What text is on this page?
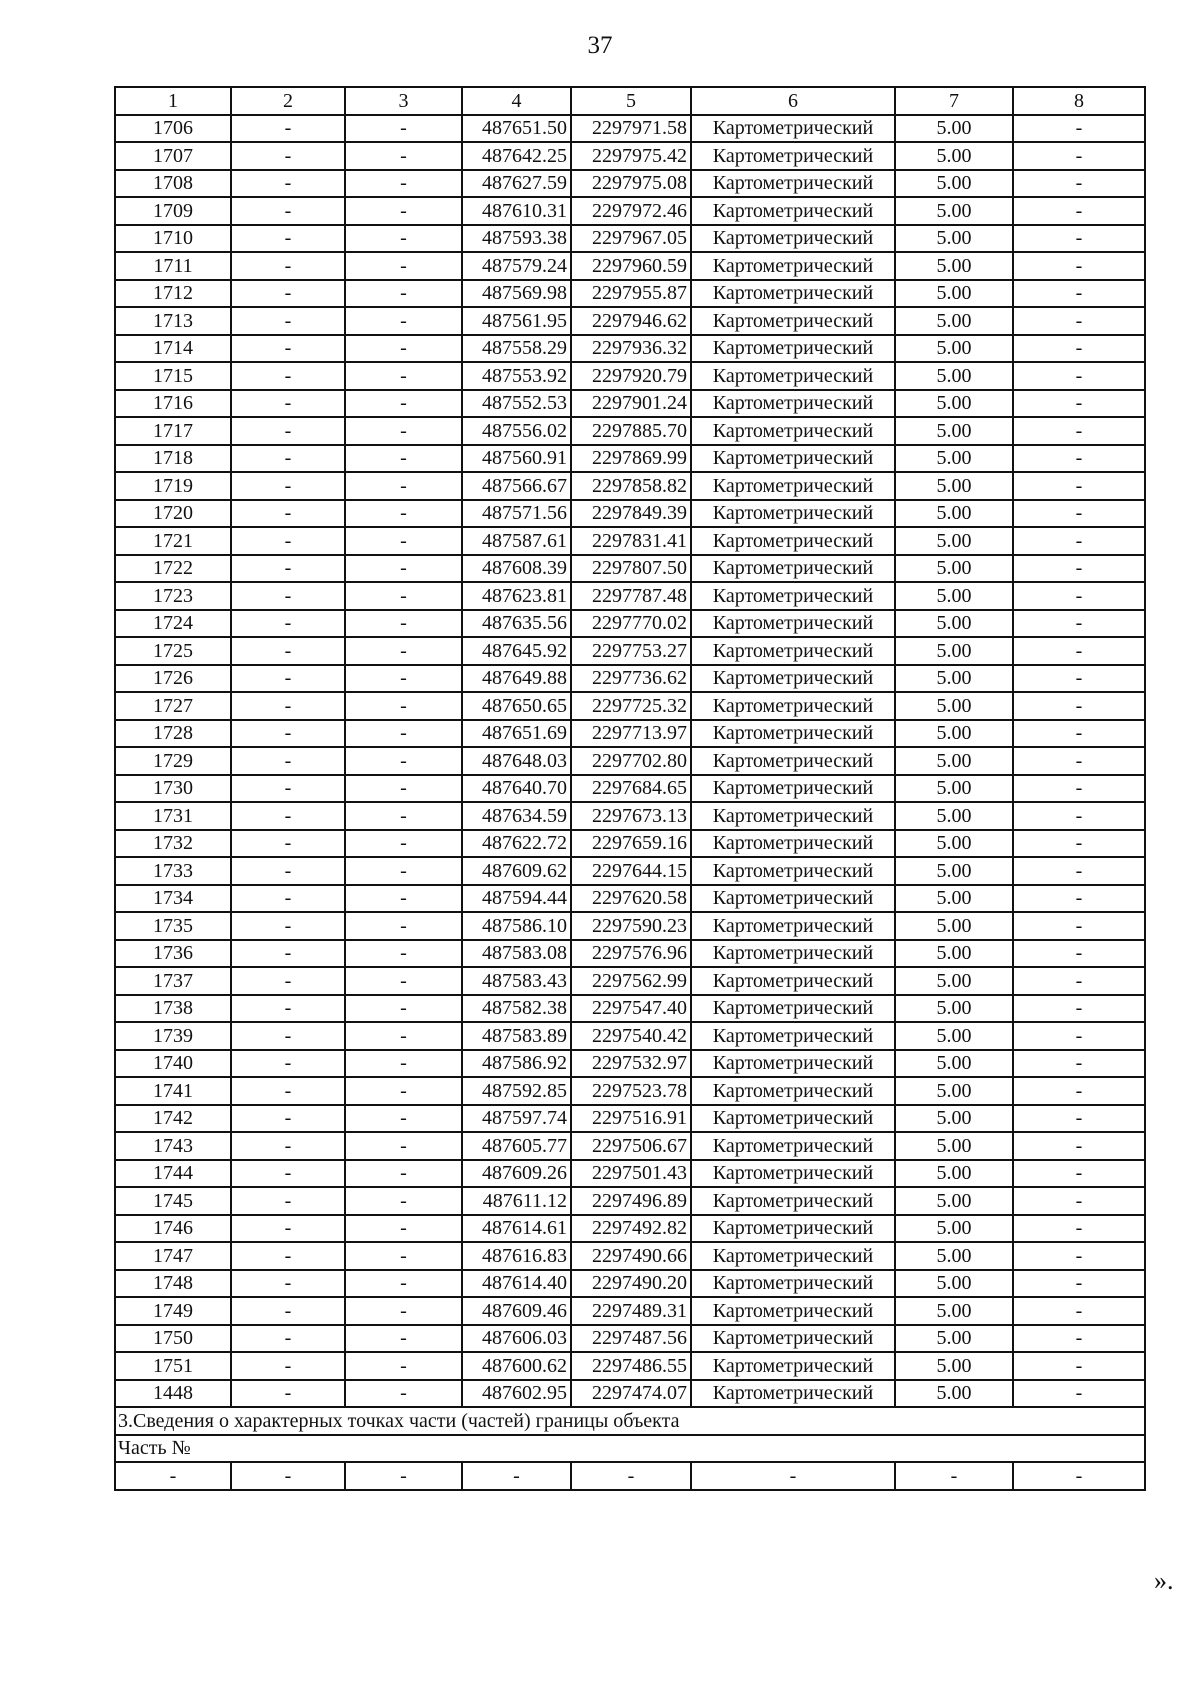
37
1	2	3	4	5	6	7	8
1706	-	-	487651.50	2297971.58	Картометрический	5.00	-
1707	-	-	487642.25	2297975.42	Картометрический	5.00	-
1708	-	-	487627.59	2297975.08	Картометрический	5.00	-
1709	-	-	487610.31	2297972.46	Картометрический	5.00	-
1710	-	-	487593.38	2297967.05	Картометрический	5.00	-
1711	-	-	487579.24	2297960.59	Картометрический	5.00	-
1712	-	-	487569.98	2297955.87	Картометрический	5.00	-
1713	-	-	487561.95	2297946.62	Картометрический	5.00	-
1714	-	-	487558.29	2297936.32	Картометрический	5.00	-
1715	-	-	487553.92	2297920.79	Картометрический	5.00	-
1716	-	-	487552.53	2297901.24	Картометрический	5.00	-
1717	-	-	487556.02	2297885.70	Картометрический	5.00	-
1718	-	-	487560.91	2297869.99	Картометрический	5.00	-
1719	-	-	487566.67	2297858.82	Картометрический	5.00	-
1720	-	-	487571.56	2297849.39	Картометрический	5.00	-
1721	-	-	487587.61	2297831.41	Картометрический	5.00	-
1722	-	-	487608.39	2297807.50	Картометрический	5.00	-
1723	-	-	487623.81	2297787.48	Картометрический	5.00	-
1724	-	-	487635.56	2297770.02	Картометрический	5.00	-
1725	-	-	487645.92	2297753.27	Картометрический	5.00	-
1726	-	-	487649.88	2297736.62	Картометрический	5.00	-
1727	-	-	487650.65	2297725.32	Картометрический	5.00	-
1728	-	-	487651.69	2297713.97	Картометрический	5.00	-
1729	-	-	487648.03	2297702.80	Картометрический	5.00	-
1730	-	-	487640.70	2297684.65	Картометрический	5.00	-
1731	-	-	487634.59	2297673.13	Картометрический	5.00	-
1732	-	-	487622.72	2297659.16	Картометрический	5.00	-
1733	-	-	487609.62	2297644.15	Картометрический	5.00	-
1734	-	-	487594.44	2297620.58	Картометрический	5.00	-
1735	-	-	487586.10	2297590.23	Картометрический	5.00	-
1736	-	-	487583.08	2297576.96	Картометрический	5.00	-
1737	-	-	487583.43	2297562.99	Картометрический	5.00	-
1738	-	-	487582.38	2297547.40	Картометрический	5.00	-
1739	-	-	487583.89	2297540.42	Картометрический	5.00	-
1740	-	-	487586.92	2297532.97	Картометрический	5.00	-
1741	-	-	487592.85	2297523.78	Картометрический	5.00	-
1742	-	-	487597.74	2297516.91	Картометрический	5.00	-
1743	-	-	487605.77	2297506.67	Картометрический	5.00	-
1744	-	-	487609.26	2297501.43	Картометрический	5.00	-
1745	-	-	487611.12	2297496.89	Картометрический	5.00	-
1746	-	-	487614.61	2297492.82	Картометрический	5.00	-
1747	-	-	487616.83	2297490.66	Картометрический	5.00	-
1748	-	-	487614.40	2297490.20	Картометрический	5.00	-
1749	-	-	487609.46	2297489.31	Картометрический	5.00	-
1750	-	-	487606.03	2297487.56	Картометрический	5.00	-
1751	-	-	487600.62	2297486.55	Картометрический	5.00	-
1448	-	-	487602.95	2297474.07	Картометрический	5.00	-
3.Сведения о характерных точках части (частей) границы объекта							
Часть №							
-	-	-	-	-	-	-	-
».
